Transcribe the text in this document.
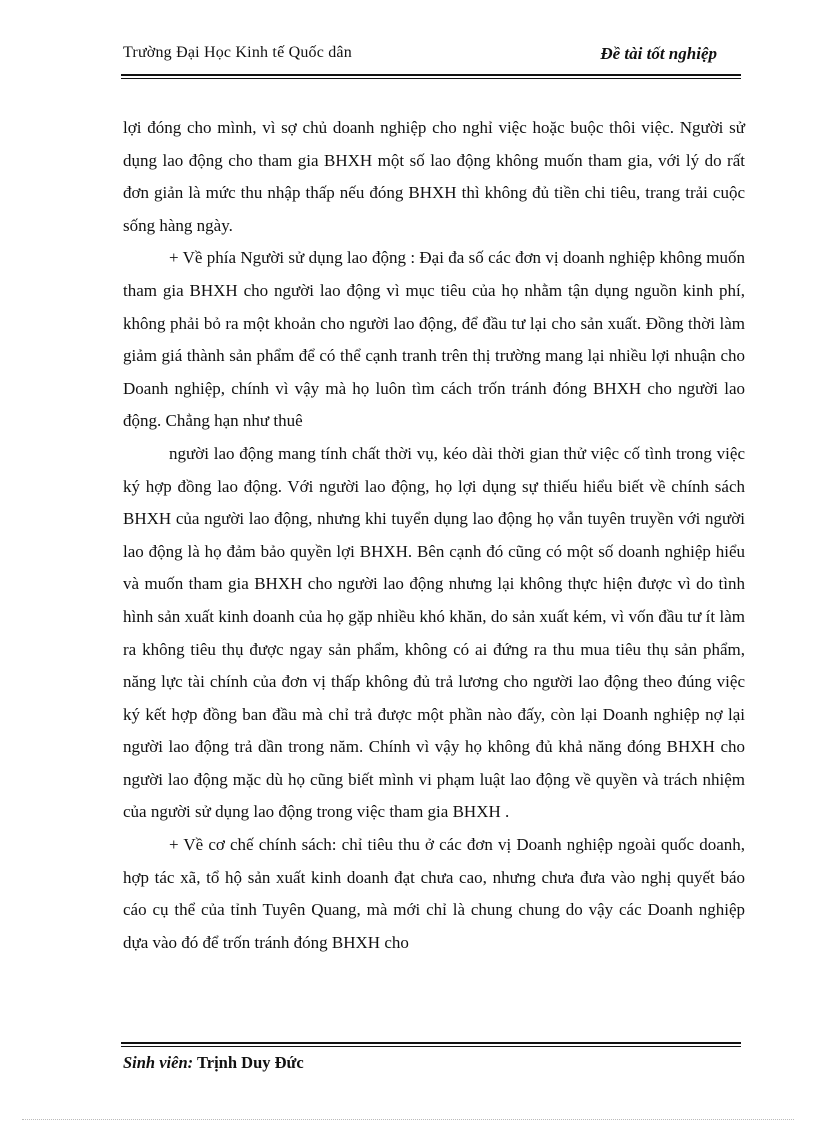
Trường Đại Học Kinh tế Quốc dân	Đề tài tốt nghiệp

lợi đóng cho mình, vì sợ chủ doanh nghiệp cho nghỉ việc hoặc buộc thôi việc. Người sử dụng lao động cho tham gia BHXH một số lao động không muốn tham gia, với lý do rất đơn giản là mức thu nhập thấp nếu đóng BHXH thì không đủ tiền chi tiêu, trang trải cuộc sống hàng ngày.

+ Về phía Người sử dụng lao động : Đại đa số các đơn vị doanh nghiệp không muốn tham gia BHXH cho người lao động vì mục tiêu của họ nhằm tận dụng nguồn kinh phí, không phải bỏ ra một khoản cho người lao động, để đầu tư lại cho sản xuất. Đồng thời làm giảm giá thành sản phẩm để có thể cạnh tranh trên thị trường mang lại nhiều lợi nhuận cho Doanh nghiệp, chính vì vậy mà họ luôn tìm cách trốn tránh đóng BHXH cho người lao động. Chẳng hạn như thuê

người lao động mang tính chất thời vụ, kéo dài thời gian thử việc cố tình trong việc ký hợp đồng lao động. Với người lao động, họ lợi dụng sự thiếu hiểu biết về chính sách BHXH của người lao động, nhưng khi tuyển dụng lao động họ vẫn tuyên truyền với người lao động là họ đảm bảo quyền lợi BHXH. Bên cạnh đó cũng có một số doanh nghiệp hiểu và muốn tham gia BHXH cho người lao động nhưng lại không thực hiện được vì do tình hình sản xuất kinh doanh của họ gặp nhiều khó khăn, do sản xuất kém, vì vốn đầu tư ít làm ra không tiêu thụ được ngay sản phẩm, không có ai đứng ra thu mua tiêu thụ sản phẩm, năng lực tài chính của đơn vị thấp không đủ trả lương cho người lao động theo đúng việc ký kết hợp đồng ban đầu mà chỉ trả được một phần nào đấy, còn lại Doanh nghiệp nợ lại người lao động trả dần trong năm. Chính vì vậy họ không đủ khả năng đóng BHXH cho người lao động mặc dù họ cũng biết mình vi phạm luật lao động về quyền và trách nhiệm của người sử dụng lao động trong việc tham gia BHXH .

+ Về cơ chế chính sách: chỉ tiêu thu ở các đơn vị Doanh nghiệp ngoài quốc doanh, hợp tác xã, tổ hộ sản xuất kinh doanh đạt chưa cao, nhưng chưa đưa vào nghị quyết báo cáo cụ thể của tỉnh Tuyên Quang, mà mới chỉ là chung chung do vậy các Doanh nghiệp dựa vào đó để trốn tránh đóng BHXH cho

Sinh viên: Trịnh Duy Đức
